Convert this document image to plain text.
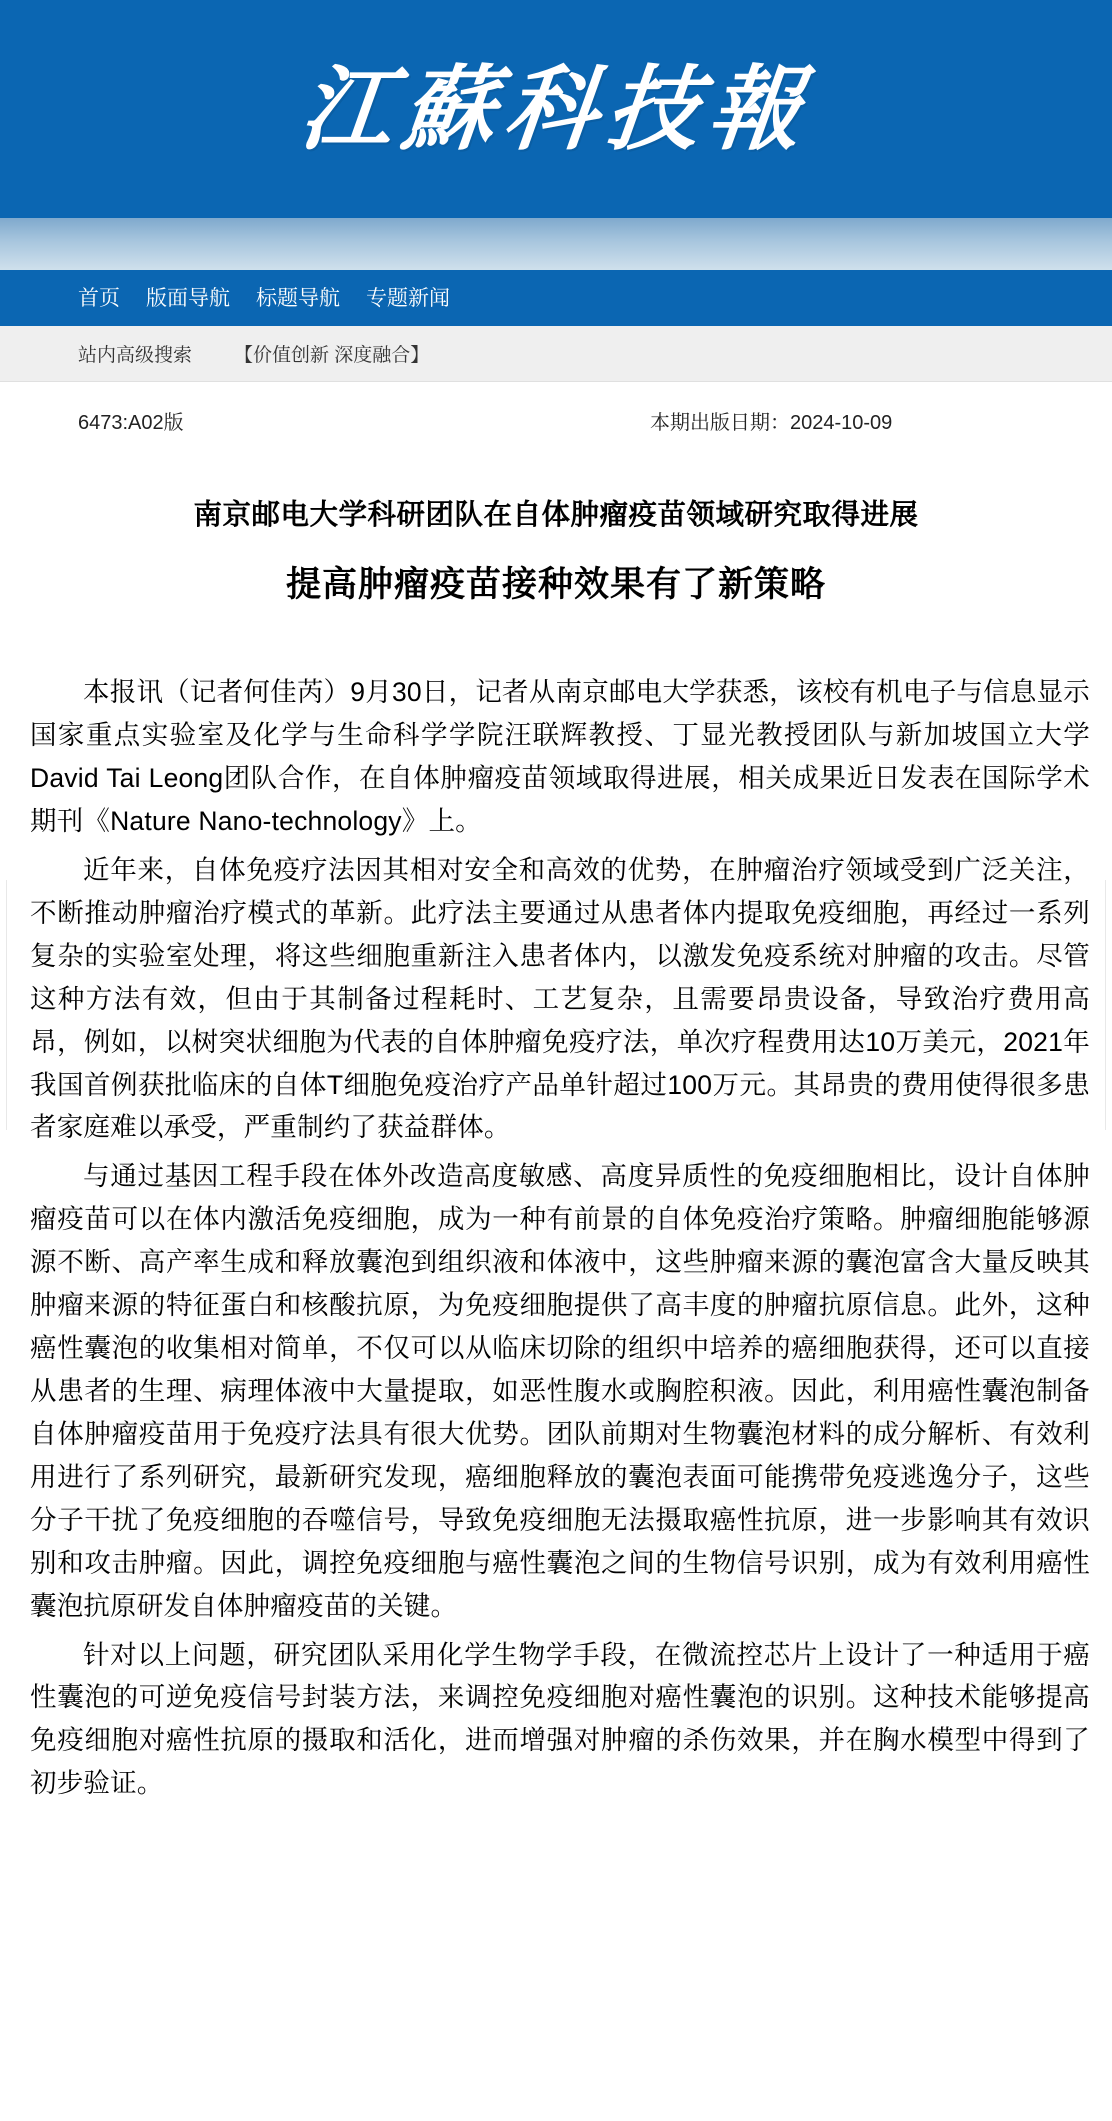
江蘇科技報
首页 版面导航 标题导航 专题新闻
站内高级搜索 【价值创新 深度融合】
6473:A02版	本期出版日期：2024-10-09
南京邮电大学科研团队在自体肿瘤疫苗领域研究取得进展
提高肿瘤疫苗接种效果有了新策略

本报讯（记者何佳芮）9月30日，记者从南京邮电大学获悉，该校有机电子与信息显示国家重点实验室及化学与生命科学学院汪联辉教授、丁显光教授团队与新加坡国立大学David Tai Leong团队合作，在自体肿瘤疫苗领域取得进展，相关成果近日发表在国际学术期刊《Nature Nano-technology》上。

近年来，自体免疫疗法因其相对安全和高效的优势，在肿瘤治疗领域受到广泛关注，不断推动肿瘤治疗模式的革新。此疗法主要通过从患者体内提取免疫细胞，再经过一系列复杂的实验室处理，将这些细胞重新注入患者体内，以激发免疫系统对肿瘤的攻击。尽管这种方法有效，但由于其制备过程耗时、工艺复杂，且需要昂贵设备，导致治疗费用高昂，例如，以树突状细胞为代表的自体肿瘤免疫疗法，单次疗程费用达10万美元，2021年我国首例获批临床的自体T细胞免疫治疗产品单针超过100万元。其昂贵的费用使得很多患者家庭难以承受，严重制约了获益群体。

与通过基因工程手段在体外改造高度敏感、高度异质性的免疫细胞相比，设计自体肿瘤疫苗可以在体内激活免疫细胞，成为一种有前景的自体免疫治疗策略。肿瘤细胞能够源源不断、高产率生成和释放囊泡到组织液和体液中，这些肿瘤来源的囊泡富含大量反映其肿瘤来源的特征蛋白和核酸抗原，为免疫细胞提供了高丰度的肿瘤抗原信息。此外，这种癌性囊泡的收集相对简单，不仅可以从临床切除的组织中培养的癌细胞获得，还可以直接从患者的生理、病理体液中大量提取，如恶性腹水或胸腔积液。因此，利用癌性囊泡制备自体肿瘤疫苗用于免疫疗法具有很大优势。团队前期对生物囊泡材料的成分解析、有效利用进行了系列研究，最新研究发现，癌细胞释放的囊泡表面可能携带免疫逃逸分子，这些分子干扰了免疫细胞的吞噬信号，导致免疫细胞无法摄取癌性抗原，进一步影响其有效识别和攻击肿瘤。因此，调控免疫细胞与癌性囊泡之间的生物信号识别，成为有效利用癌性囊泡抗原研发自体肿瘤疫苗的关键。

针对以上问题，研究团队采用化学生物学手段，在微流控芯片上设计了一种适用于癌性囊泡的可逆免疫信号封装方法，来调控免疫细胞对癌性囊泡的识别。这种技术能够提高免疫细胞对癌性抗原的摄取和活化，进而增强对肿瘤的杀伤效果，并在胸水模型中得到了初步验证。
